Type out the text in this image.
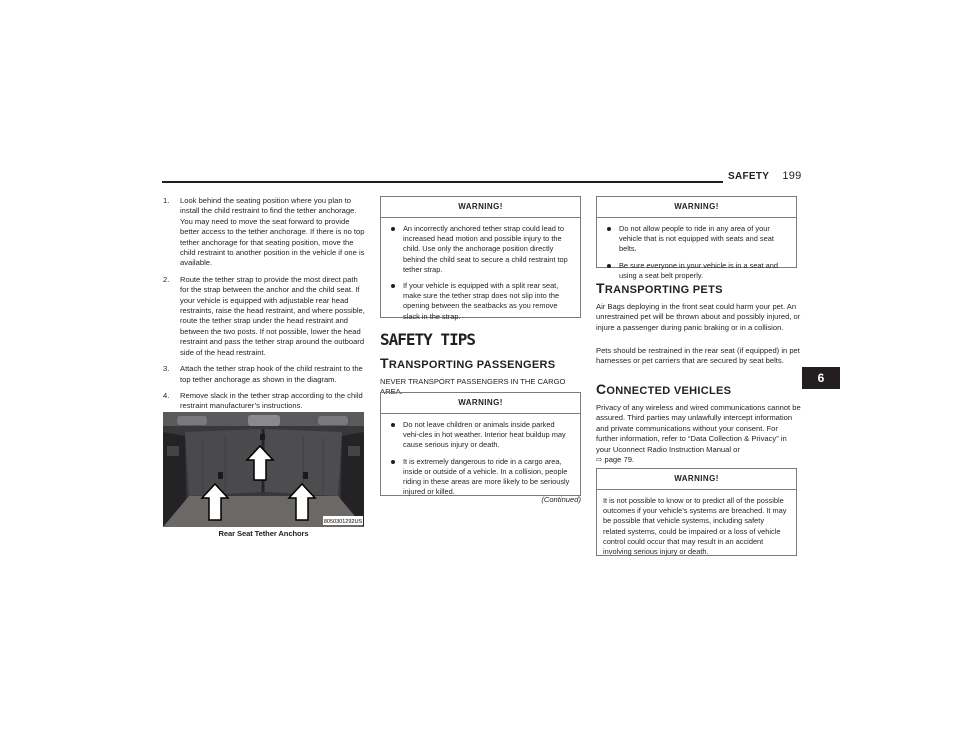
SAFETY 199
1. Look behind the seating position where you plan to install the child restraint to find the tether anchorage. You may need to move the seat forward to provide better access to the tether anchorage. If there is no top tether anchorage for that seating position, move the child restraint to another position in the vehicle if one is available.
2. Route the tether strap to provide the most direct path for the strap between the anchor and the child seat. If your vehicle is equipped with adjustable rear head restraints, raise the head restraint, and where possible, route the tether strap under the head restraint and between the two posts. If not possible, lower the head restraint and pass the tether strap around the outboard side of the head restraint.
3. Attach the tether strap hook of the child restraint to the top tether anchorage as shown in the diagram.
4. Remove slack in the tether strap according to the child restraint manufacturer’s instructions.
8050301292US
Rear Seat Tether Anchors
WARNING!
An incorrectly anchored tether strap could lead to increased head motion and possible injury to the child. Use only the anchorage position directly behind the child seat to secure a child restraint top tether strap.
If your vehicle is equipped with a split rear seat, make sure the tether strap does not slip into the opening between the seatbacks as you remove slack in the strap.
SAFETY TIPS
TRANSPORTING PASSENGERS
NEVER TRANSPORT PASSENGERS IN THE CARGO AREA.
WARNING!
Do not leave children or animals inside parked vehi-cles in hot weather. Interior heat buildup may cause serious injury or death.
It is extremely dangerous to ride in a cargo area, inside or outside of a vehicle. In a collision, people riding in these areas are more likely to be seriously injured or killed.
(Continued)
WARNING!
Do not allow people to ride in any area of your vehicle that is not equipped with seats and seat belts.
Be sure everyone in your vehicle is in a seat and using a seat belt properly.
TRANSPORTING PETS
Air Bags deploying in the front seat could harm your pet. An unrestrained pet will be thrown about and possibly injured, or injure a passenger during panic braking or in a collision.
Pets should be restrained in the rear seat (if equipped) in pet harnesses or pet carriers that are secured by seat belts.
CONNECTED VEHICLES
Privacy of any wireless and wired communications cannot be assured. Third parties may unlawfully intercept information and private communications without your consent. For further information, refer to “Data Collection & Privacy” in your Uconnect Radio Instruction Manual or
⇨ page 79.
WARNING!
It is not possible to know or to predict all of the possible outcomes if your vehicle’s systems are breached. It may be possible that vehicle systems, including safety related systems, could be impaired or a loss of vehicle control could occur that may result in an accident involving serious injury or death.
6
